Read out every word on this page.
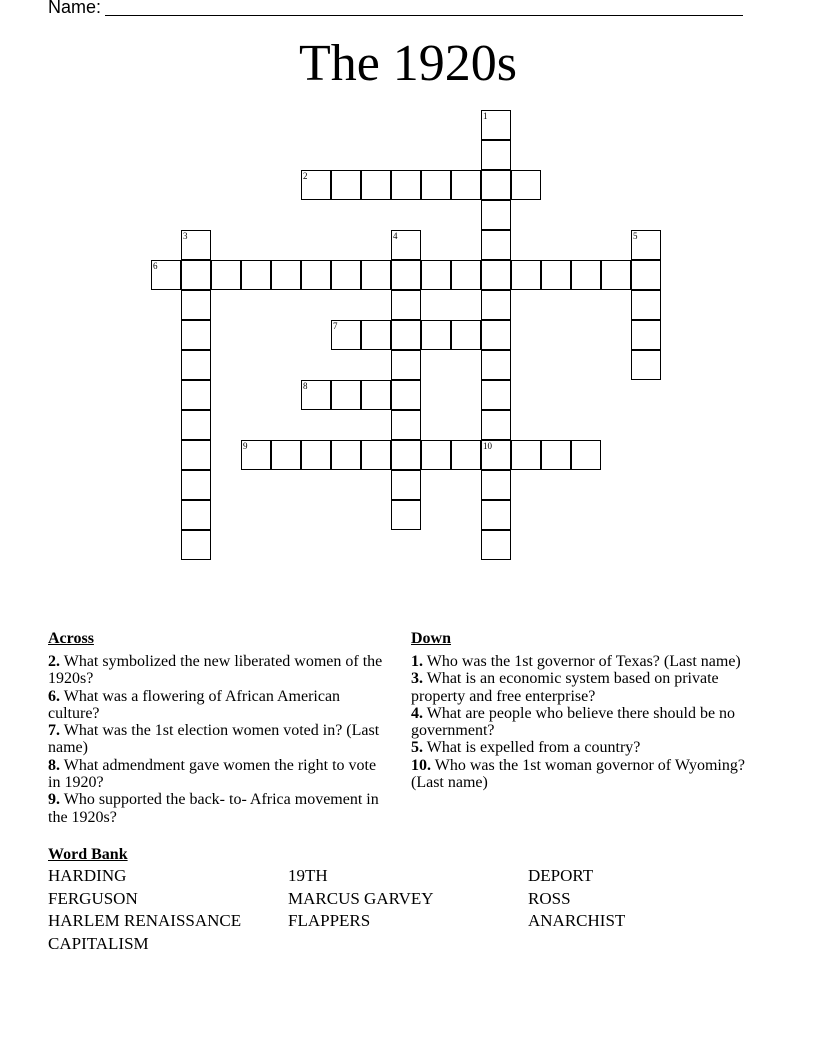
Name:
The 1920s
1
10
2
3	4	5
6
7
8
9
Across
2. What symbolized the new liberated women of the 1920s?
6. What was a flowering of African American culture?
7. What was the 1st election women voted in? (Last name)
8. What admendment gave women the right to vote in 1920?
9. Who supported the back- to- Africa movement in the 1920s?
Down
1. Who was the 1st governor of Texas? (Last name)
3. What is an economic system based on private property and free enterprise?
4. What are people who believe there should be no government?
5. What is expelled from a country?
10. Who was the 1st woman governor of Wyoming? (Last name)
Word Bank
HARDING
FERGUSON
HARLEM RENAISSANCE
CAPITALISM
19TH
MARCUS GARVEY
FLAPPERS
DEPORT
ROSS
ANARCHIST
